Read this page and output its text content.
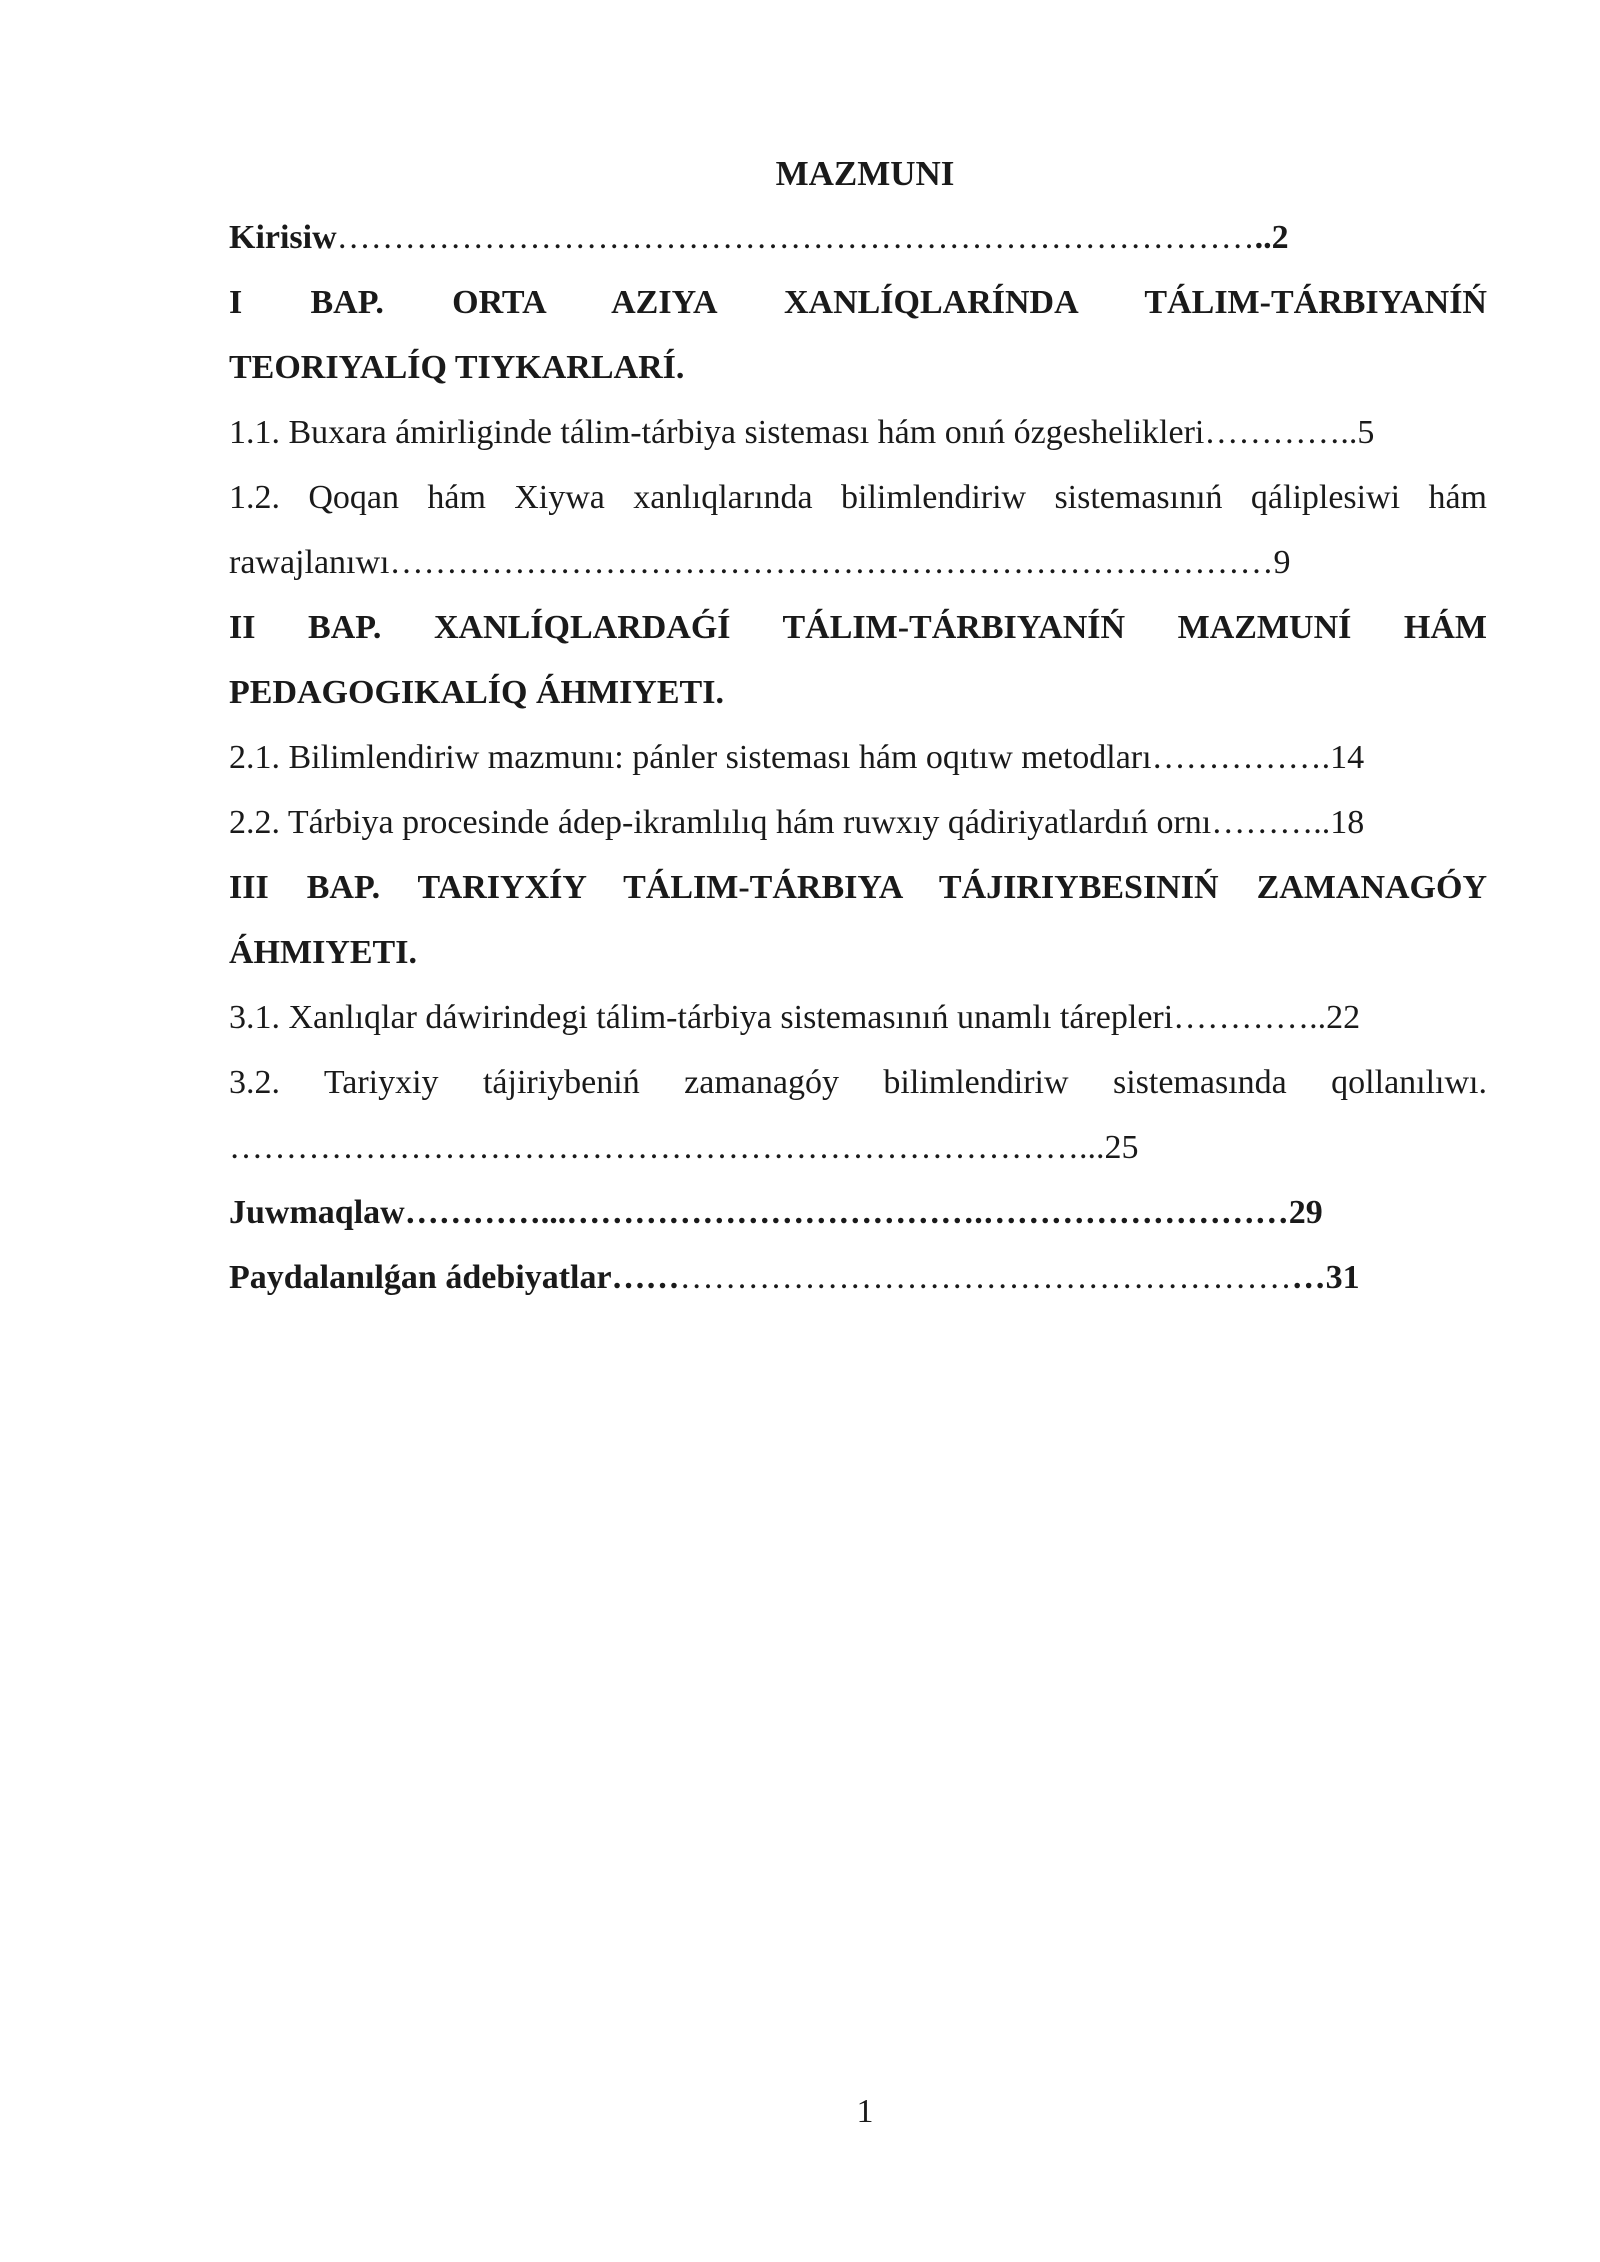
MAZMUNI
Kirisiw………………………………………………………………………..2
I BAP. ORTA AZIYA XANLÍQLARÍNDA TÁLIM-TÁRBIYANÍŃ
TEORIYALÍQ TIYKARLARÍ.
1.1. Buxara ámirliginde tálim-tárbiya sisteması hám onıń ózgeshelikleri…………..5
1.2. Qoqan hám Xiywa xanlıqlarında bilimlendiriw sistemasınıń qáliplesiwi hám
rawajlanıwı……………………………………………………………………9
II BAP. XANLÍQLARDAǴÍ TÁLIM-TÁRBIYANÍŃ MAZMUNÍ HÁM
PEDAGOGIKALÍQ ÁHMIYETI.
2.1. Bilimlendiriw mazmunı: pánler sisteması hám oqıtıw metodları…………….14
2.2. Tárbiya procesinde ádep-ikramlılıq hám ruwxıy qádiriyatlardıń ornı………..18
III BAP. TARIYXÍY TÁLIM-TÁRBIYA TÁJIRIYBESINIŃ ZAMANAGÓY
ÁHMIYETI.
3.1. Xanlıqlar dáwirindegi tálim-tárbiya sistemasınıń unamlı tárepleri…………..22
3.2. Tariyxiy tájiriybeniń zamanagóy bilimlendiriw sistemasında qollanılıwı.
…………………………………………………………………...25
Juwmaqlaw…………...……………………………….………………………29
Paydalanılǵan ádebiyatlar………………………………………………………31
1
